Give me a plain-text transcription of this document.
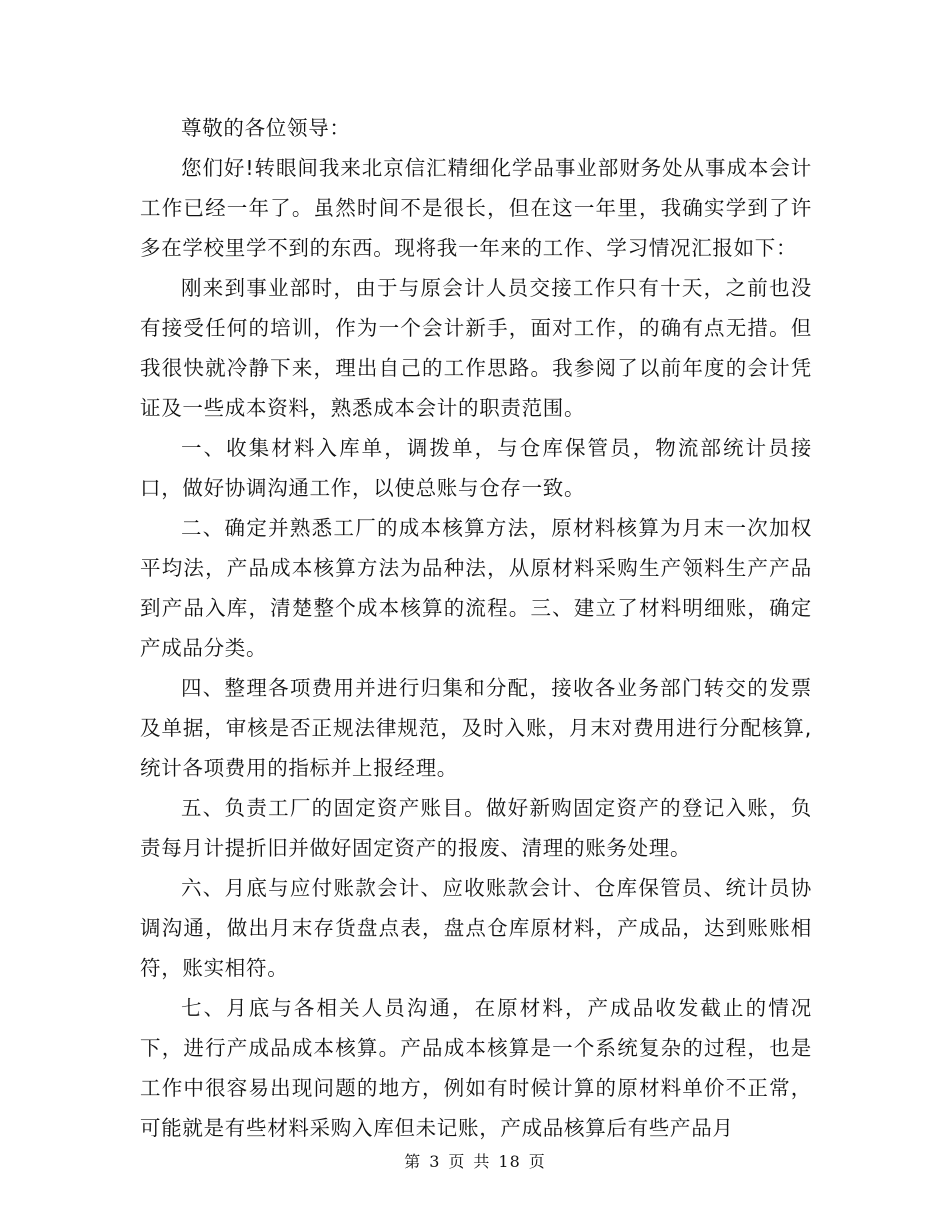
尊敬的各位领导：

您们好!转眼间我来北京信汇精细化学品事业部财务处从事成本会计工作已经一年了。虽然时间不是很长，但在这一年里，我确实学到了许多在学校里学不到的东西。现将我一年来的工作、学习情况汇报如下：

刚来到事业部时，由于与原会计人员交接工作只有十天，之前也没有接受任何的培训，作为一个会计新手，面对工作，的确有点无措。但我很快就冷静下来，理出自己的工作思路。我参阅了以前年度的会计凭证及一些成本资料，熟悉成本会计的职责范围。

一、收集材料入库单，调拨单，与仓库保管员，物流部统计员接口，做好协调沟通工作，以使总账与仓存一致。

二、确定并熟悉工厂的成本核算方法，原材料核算为月末一次加权平均法，产品成本核算方法为品种法，从原材料采购生产领料生产产品到产品入库，清楚整个成本核算的流程。三、建立了材料明细账，确定产成品分类。

四、整理各项费用并进行归集和分配，接收各业务部门转交的发票及单据，审核是否正规法律规范，及时入账，月末对费用进行分配核算,统计各项费用的指标并上报经理。

五、负责工厂的固定资产账目。做好新购固定资产的登记入账，负责每月计提折旧并做好固定资产的报废、清理的账务处理。

六、月底与应付账款会计、应收账款会计、仓库保管员、统计员协调沟通，做出月末存货盘点表，盘点仓库原材料，产成品，达到账账相符，账实相符。

七、月底与各相关人员沟通，在原材料，产成品收发截止的情况下，进行产成品成本核算。产品成本核算是一个系统复杂的过程，也是工作中很容易出现问题的地方，例如有时候计算的原材料单价不正常，可能就是有些材料采购入库但未记账，产成品核算后有些产品月

第 3 页 共 18 页
